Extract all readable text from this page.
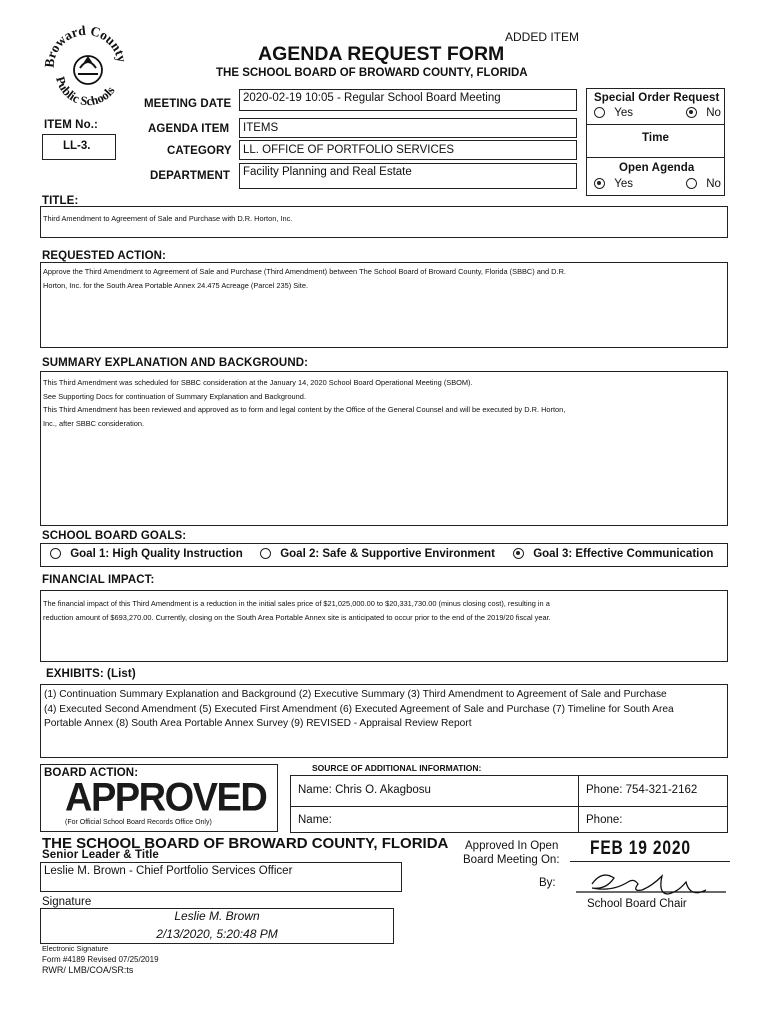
Broward County
Public Schools
ADDED ITEM
AGENDA REQUEST FORM
THE SCHOOL BOARD OF BROWARD COUNTY, FLORIDA
ITEM No.:
LL-3.
MEETING DATE 2020-02-19 10:05 - Regular School Board Meeting
AGENDA ITEM ITEMS
CATEGORY LL. OFFICE OF PORTFOLIO SERVICES
DEPARTMENT Facility Planning and Real Estate
Special Order Request
Yes	No
Time
Open Agenda
Yes	No
TITLE:
Third Amendment to Agreement of Sale and Purchase with D.R. Horton, Inc.
REQUESTED ACTION:
Approve the Third Amendment to Agreement of Sale and Purchase (Third Amendment) between The School Board of Broward County, Florida (SBBC) and D.R.
Horton, Inc. for the South Area Portable Annex 24.475 Acreage (Parcel 235) Site.
SUMMARY EXPLANATION AND BACKGROUND:
This Third Amendment was scheduled for SBBC consideration at the January 14, 2020 School Board Operational Meeting (SBOM).
See Supporting Docs for continuation of Summary Explanation and Background.
This Third Amendment has been reviewed and approved as to form and legal content by the Office of the General Counsel and will be executed by D.R. Horton,
Inc., after SBBC consideration.
SCHOOL BOARD GOALS:
Goal 1: High Quality Instruction	Goal 2: Safe & Supportive Environment	Goal 3: Effective Communication
FINANCIAL IMPACT:
The financial impact of this Third Amendment is a reduction in the initial sales price of $21,025,000.00 to $20,331,730.00 (minus closing cost), resulting in a
reduction amount of $693,270.00. Currently, closing on the South Area Portable Annex site is anticipated to occur prior to the end of the 2019/20 fiscal year.
EXHIBITS: (List)
(1) Continuation Summary Explanation and Background (2) Executive Summary (3) Third Amendment to Agreement of Sale and Purchase
(4) Executed Second Amendment (5) Executed First Amendment (6) Executed Agreement of Sale and Purchase (7) Timeline for South Area
Portable Annex (8) South Area Portable Annex Survey (9) REVISED - Appraisal Review Report
BOARD ACTION:
APPROVED
(For Official School Board Records Office Only)
SOURCE OF ADDITIONAL INFORMATION:
Name: Chris O. Akagbosu	Phone: 754-321-2162
Name:	Phone:
THE SCHOOL BOARD OF BROWARD COUNTY, FLORIDA
Senior Leader & Title
Leslie M. Brown - Chief Portfolio Services Officer
Approved In Open
Board Meeting On:
FEB 19 2020
By:
School Board Chair
Signature
Leslie M. Brown
2/13/2020, 5:20:48 PM
Electronic Signature
Form #4189 Revised 07/25/2019
RWR/ LMB/COA/SR:ts
